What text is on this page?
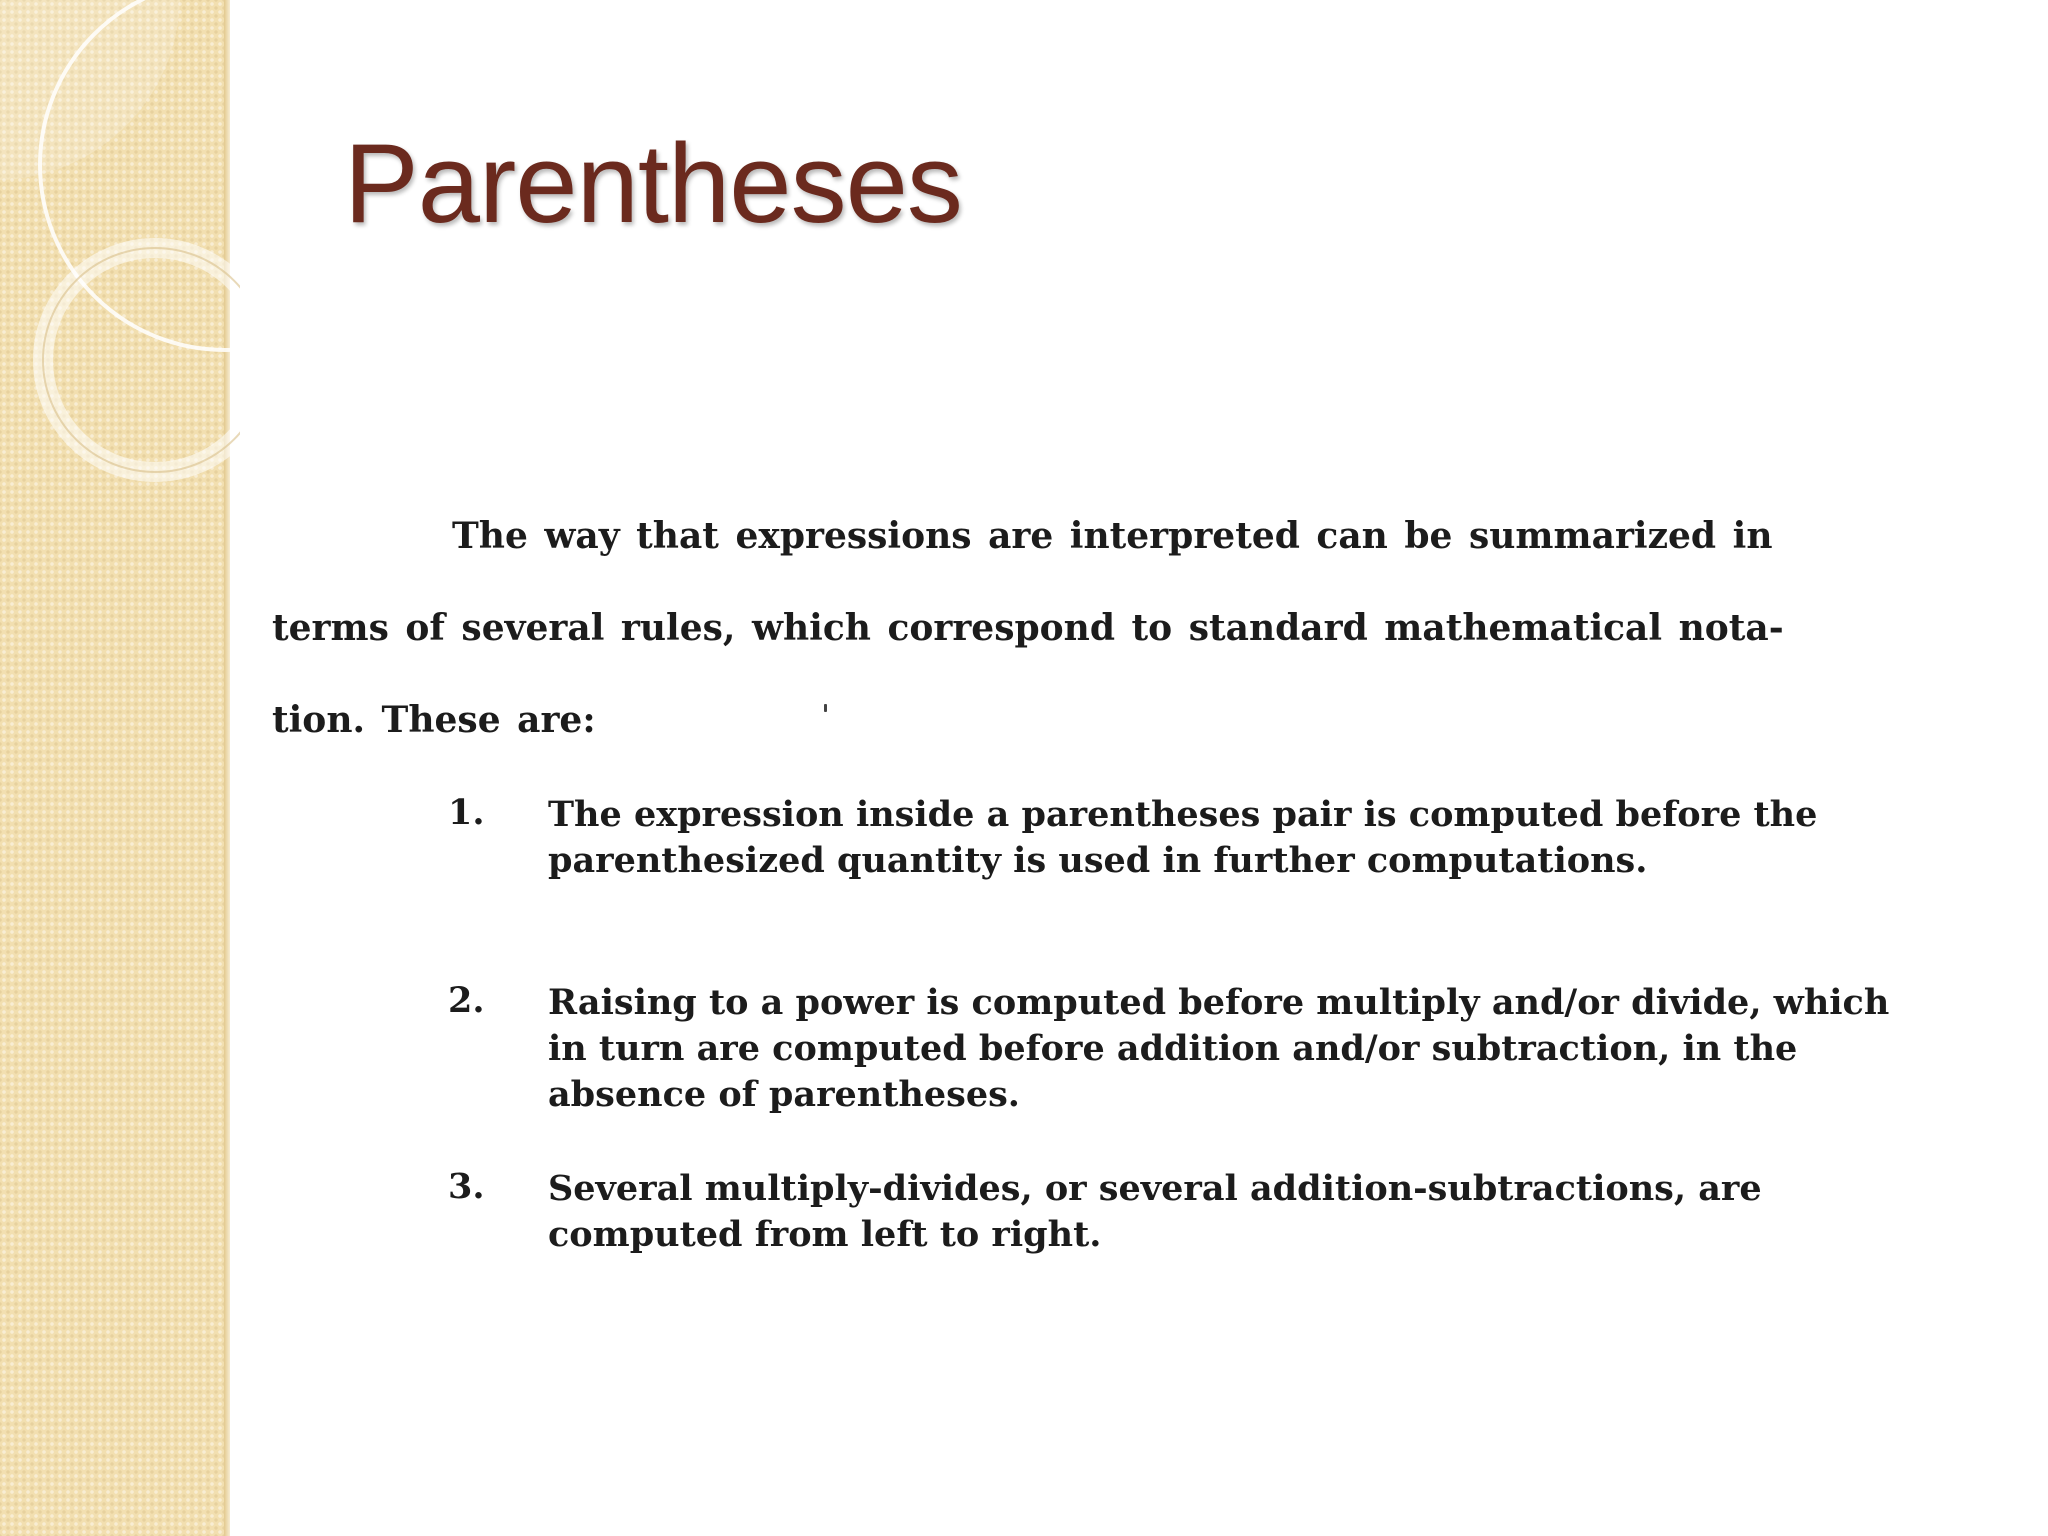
Parentheses
The way that expressions are interpreted can be summarized in
terms of several rules, which correspond to standard mathematical nota-
tion. These are:
1.	The expression inside a parentheses pair is computed before the parenthesized quantity is used in further computations.
2.	Raising to a power is computed before multiply and/or divide, which in turn are computed before addition and/or subtraction, in the absence of parentheses.
3.	Several multiply-divides, or several addition-subtractions, are computed from left to right.
